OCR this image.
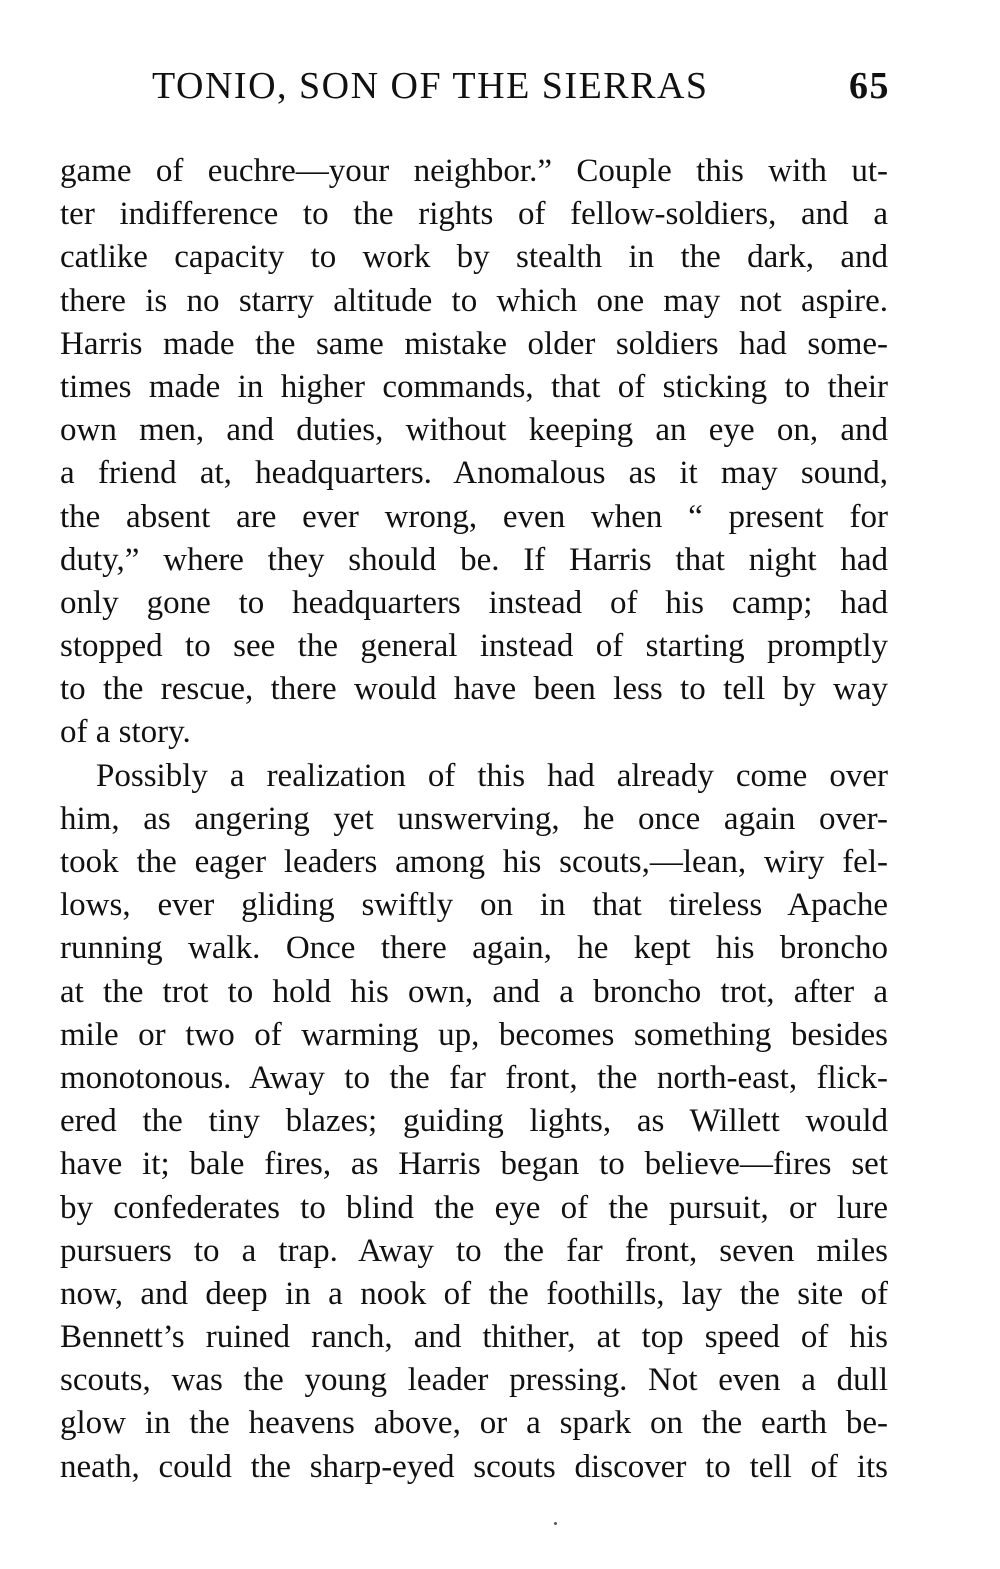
TONIO, SON OF THE SIERRAS	65
game of euchre—your neighbor.” Couple this with ut-
ter indifference to the rights of fellow-soldiers, and a
catlike capacity to work by stealth in the dark, and
there is no starry altitude to which one may not aspire.
Harris made the same mistake older soldiers had some-
times made in higher commands, that of sticking to their
own men, and duties, without keeping an eye on, and
a friend at, headquarters. Anomalous as it may sound,
the absent are ever wrong, even when “ present for
duty,” where they should be. If Harris that night had
only gone to headquarters instead of his camp; had
stopped to see the general instead of starting promptly
to the rescue, there would have been less to tell by way
of a story.
Possibly a realization of this had already come over
him, as angering yet unswerving, he once again over-
took the eager leaders among his scouts,—lean, wiry fel-
lows, ever gliding swiftly on in that tireless Apache
running walk. Once there again, he kept his broncho
at the trot to hold his own, and a broncho trot, after a
mile or two of warming up, becomes something besides
monotonous. Away to the far front, the north-east, flick-
ered the tiny blazes; guiding lights, as Willett would
have it; bale fires, as Harris began to believe—fires set
by confederates to blind the eye of the pursuit, or lure
pursuers to a trap. Away to the far front, seven miles
now, and deep in a nook of the foothills, lay the site of
Bennett’s ruined ranch, and thither, at top speed of his
scouts, was the young leader pressing. Not even a dull
glow in the heavens above, or a spark on the earth be-
neath, could the sharp-eyed scouts discover to tell of its
